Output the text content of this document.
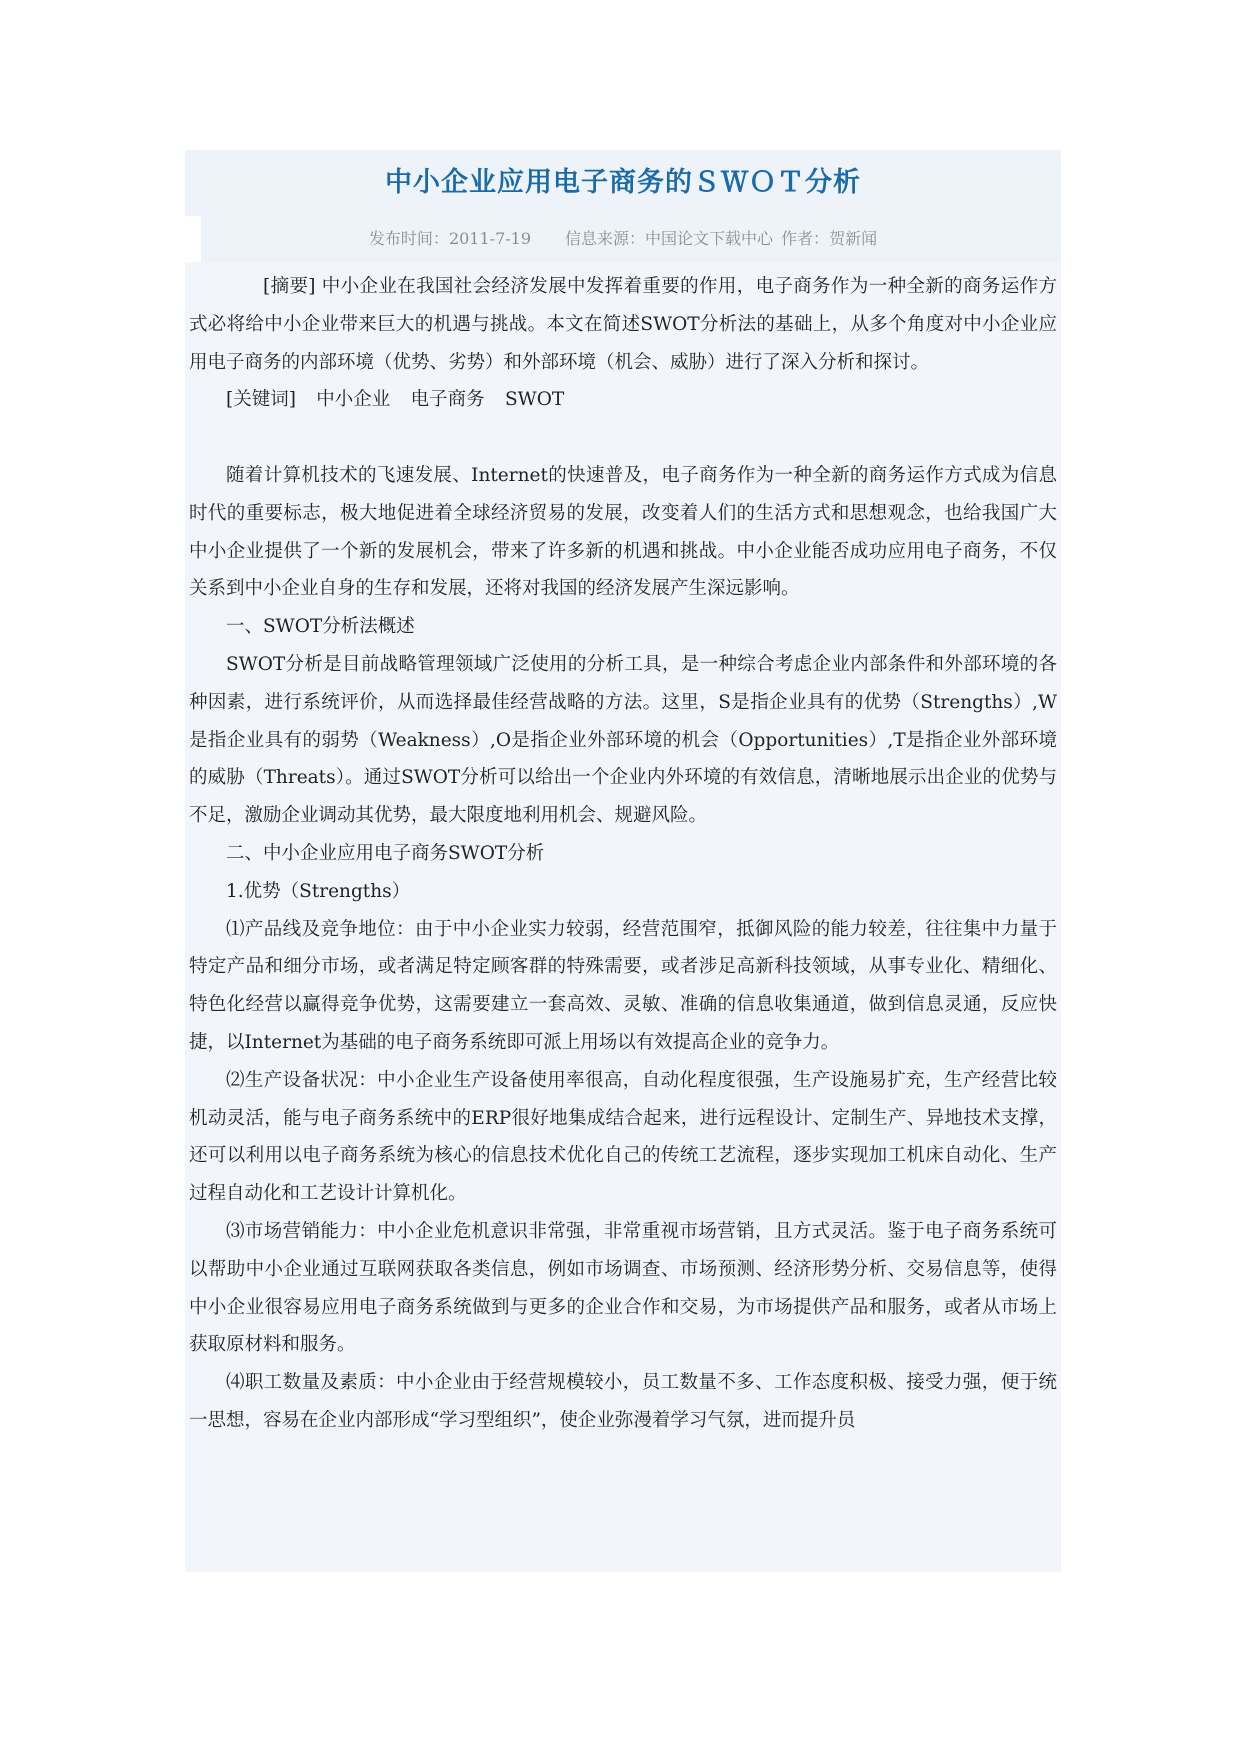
中小企业应用电子商务的ＳＷＯＴ分析
发布时间：2011-7-19 信息来源：中国论文下载中心 作者：贺新闻

[摘要] 中小企业在我国社会经济发展中发挥着重要的作用，电子商务作为一种全新的商务运作方式必将给中小企业带来巨大的机遇与挑战。本文在简述SWOT分析法的基础上，从多个角度对中小企业应用电子商务的内部环境（优势、劣势）和外部环境（机会、威胁）进行了深入分析和探讨。

[关键词] 中小企业 电子商务 SWOT

随着计算机技术的飞速发展、Internet的快速普及，电子商务作为一种全新的商务运作方式成为信息时代的重要标志，极大地促进着全球经济贸易的发展，改变着人们的生活方式和思想观念，也给我国广大中小企业提供了一个新的发展机会，带来了许多新的机遇和挑战。中小企业能否成功应用电子商务，不仅关系到中小企业自身的生存和发展，还将对我国的经济发展产生深远影响。

一、SWOT分析法概述

SWOT分析是目前战略管理领域广泛使用的分析工具，是一种综合考虑企业内部条件和外部环境的各种因素，进行系统评价，从而选择最佳经营战略的方法。这里，S是指企业具有的优势（Strengths）,W是指企业具有的弱势（Weakness）,O是指企业外部环境的机会（Opportunities）,T是指企业外部环境的威胁（Threats）。通过SWOT分析可以给出一个企业内外环境的有效信息，清晰地展示出企业的优势与不足，激励企业调动其优势，最大限度地利用机会、规避风险。

二、中小企业应用电子商务SWOT分析

1.优势（Strengths）

⑴产品线及竞争地位：由于中小企业实力较弱，经营范围窄，抵御风险的能力较差，往往集中力量于特定产品和细分市场，或者满足特定顾客群的特殊需要，或者涉足高新科技领域，从事专业化、精细化、特色化经营以赢得竞争优势，这需要建立一套高效、灵敏、准确的信息收集通道，做到信息灵通，反应快捷，以Internet为基础的电子商务系统即可派上用场以有效提高企业的竞争力。

⑵生产设备状况：中小企业生产设备使用率很高，自动化程度很强，生产设施易扩充，生产经营比较机动灵活，能与电子商务系统中的ERP很好地集成结合起来，进行远程设计、定制生产、异地技术支撑，还可以利用以电子商务系统为核心的信息技术优化自己的传统工艺流程，逐步实现加工机床自动化、生产过程自动化和工艺设计计算机化。

⑶市场营销能力：中小企业危机意识非常强，非常重视市场营销，且方式灵活。鉴于电子商务系统可以帮助中小企业通过互联网获取各类信息，例如市场调查、市场预测、经济形势分析、交易信息等，使得中小企业很容易应用电子商务系统做到与更多的企业合作和交易，为市场提供产品和服务，或者从市场上获取原材料和服务。

⑷职工数量及素质：中小企业由于经营规模较小，员工数量不多、工作态度积极、接受力强，便于统一思想，容易在企业内部形成“学习型组织”，使企业弥漫着学习气氛，进而提升员
